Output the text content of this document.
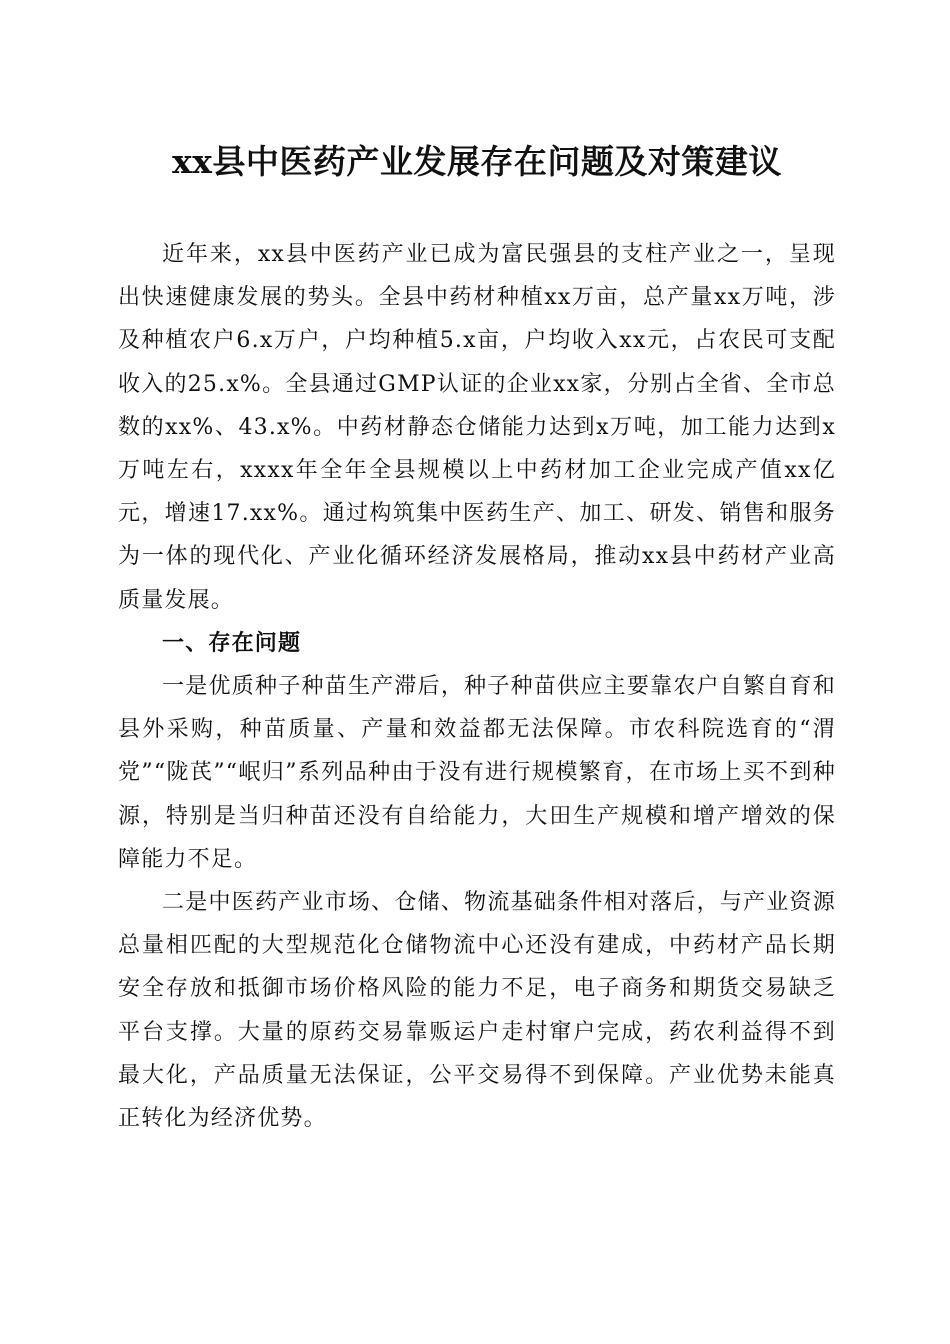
xx县中医药产业发展存在问题及对策建议

近年来，xx县中医药产业已成为富民强县的支柱产业之一，呈现出快速健康发展的势头。全县中药材种植xx万亩，总产量xx万吨，涉及种植农户6.x万户，户均种植5.x亩，户均收入xx元，占农民可支配收入的25.x%。全县通过GMP认证的企业xx家，分别占全省、全市总数的xx%、43.x%。中药材静态仓储能力达到x万吨，加工能力达到x万吨左右，xxxx年全年全县规模以上中药材加工企业完成产值xx亿元，增速17.xx%。通过构筑集中医药生产、加工、研发、销售和服务为一体的现代化、产业化循环经济发展格局，推动xx县中药材产业高质量发展。

一、存在问题

一是优质种子种苗生产滞后，种子种苗供应主要靠农户自繁自育和县外采购，种苗质量、产量和效益都无法保障。市农科院选育的“渭党”“陇芪”“岷归”系列品种由于没有进行规模繁育，在市场上买不到种源，特别是当归种苗还没有自给能力，大田生产规模和增产增效的保障能力不足。

二是中医药产业市场、仓储、物流基础条件相对落后，与产业资源总量相匹配的大型规范化仓储物流中心还没有建成，中药材产品长期安全存放和抵御市场价格风险的能力不足，电子商务和期货交易缺乏平台支撑。大量的原药交易靠贩运户走村窜户完成，药农利益得不到最大化，产品质量无法保证，公平交易得不到保障。产业优势未能真正转化为经济优势。
